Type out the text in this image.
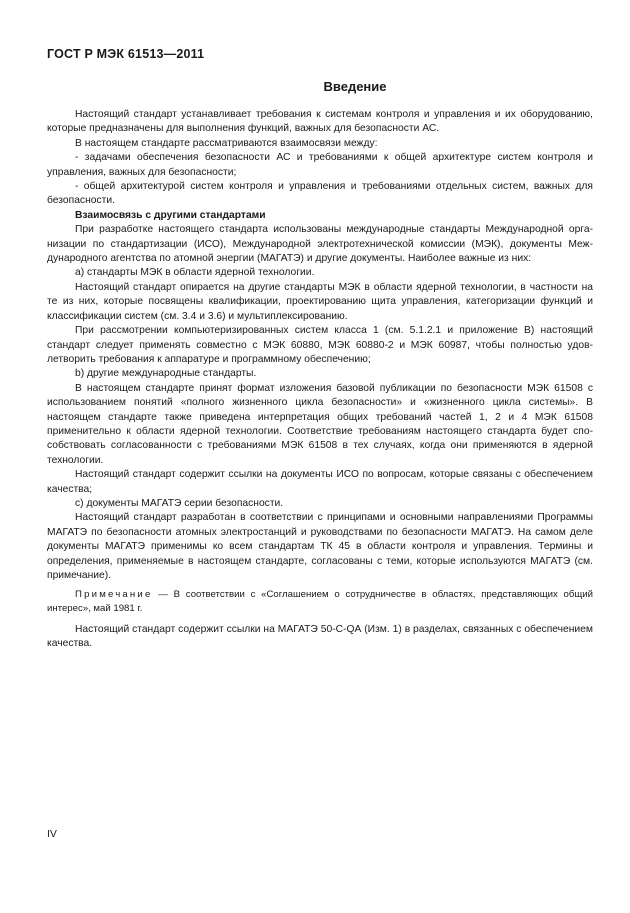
ГОСТ Р МЭК 61513—2011
Введение

Настоящий стандарт устанавливает требования к системам контроля и управления и их оборудованию, которые предназначены для выполнения функций, важных для безопасности АС.

В настоящем стандарте рассматриваются взаимосвязи между:

- задачами обеспечения безопасности АС и требованиями к общей архитектуре систем контроля и управления, важных для безопасности;

- общей архитектурой систем контроля и управления и требованиями отдельных систем, важных для безопасности.

Взаимосвязь с другими стандартами

При разработке настоящего стандарта использованы международные стандарты Международной организации по стандартизации (ИСО), Международной электротехнической комиссии (МЭК), документы Международного агентства по атомной энергии (МАГАТЭ) и другие документы. Наиболее важные из них:

a) стандарты МЭК в области ядерной технологии.

Настоящий стандарт опирается на другие стандарты МЭК в области ядерной технологии, в частности на те из них, которые посвящены квалификации, проектированию щита управления, категоризации функций и классификации систем (см. 3.4 и 3.6) и мультиплексированию.

При рассмотрении компьютеризированных систем класса 1 (см. 5.1.2.1 и приложение В) настоящий стандарт следует применять совместно с МЭК 60880, МЭК 60880-2 и МЭК 60987, чтобы полностью удовлетворить требования к аппаратуре и программному обеспечению;

b) другие международные стандарты.

В настоящем стандарте принят формат изложения базовой публикации по безопасности МЭК 61508 с использованием понятий «полного жизненного цикла безопасности» и «жизненного цикла системы». В настоящем стандарте также приведена интерпретация общих требований частей 1, 2 и 4 МЭК 61508 применительно к области ядерной технологии. Соответствие требованиям настоящего стандарта будет способствовать согласованности с требованиями МЭК 61508 в тех случаях, когда они применяются в ядерной технологии.

Настоящий стандарт содержит ссылки на документы ИСО по вопросам, которые связаны с обеспечением качества;

c) документы МАГАТЭ серии безопасности.

Настоящий стандарт разработан в соответствии с принципами и основными направлениями Программы МАГАТЭ по безопасности атомных электростанций и руководствами по безопасности МАГАТЭ. На самом деле документы МАГАТЭ применимы ко всем стандартам ТК 45 в области контроля и управления. Термины и определения, применяемые в настоящем стандарте, согласованы с теми, которые используются МАГАТЭ (см. примечание).

Примечание — В соответствии с «Соглашением о сотрудничестве в областях, представляющих общий интерес», май 1981 г.

Настоящий стандарт содержит ссылки на МАГАТЭ 50-С-QА (Изм. 1) в разделах, связанных с обеспечением качества.

IV
